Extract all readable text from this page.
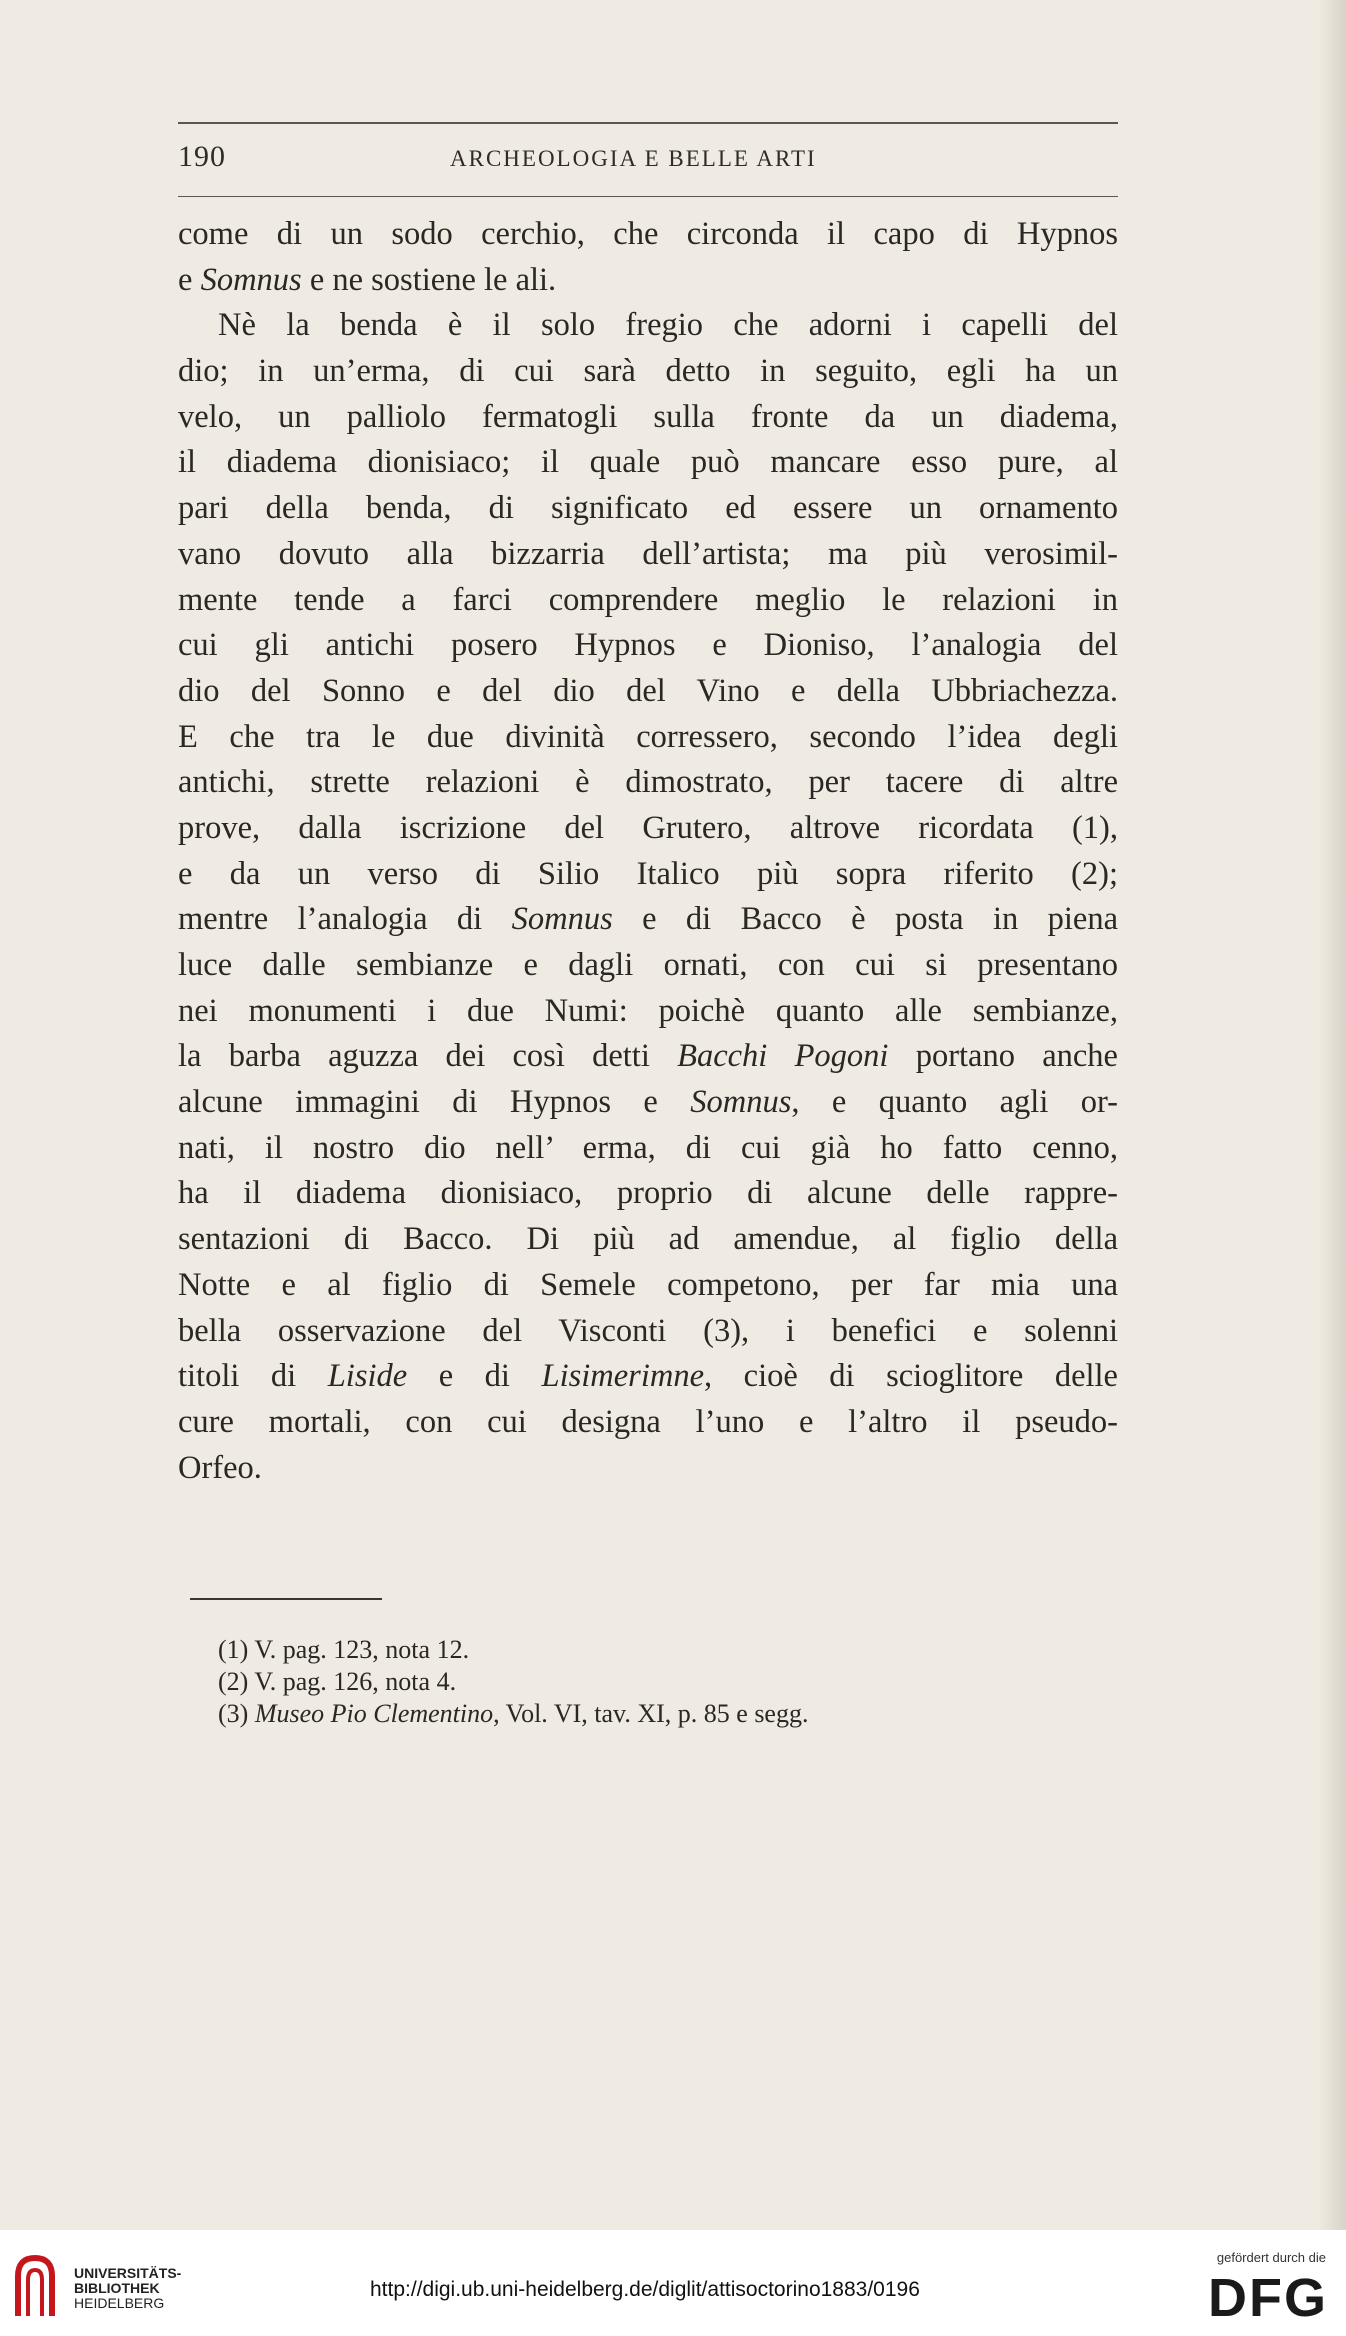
190	ARCHEOLOGIA E BELLE ARTI
come di un sodo cerchio, che circonda il capo di Hypnos
e Somnus e ne sostiene le ali.
Nè la benda è il solo fregio che adorni i capelli del
dio; in un’erma, di cui sarà detto in seguito, egli ha un
velo, un palliolo fermatogli sulla fronte da un diadema,
il diadema dionisiaco; il quale può mancare esso pure, al
pari della benda, di significato ed essere un ornamento
vano dovuto alla bizzarria dell’artista; ma più verosimil-
mente tende a farci comprendere meglio le relazioni in
cui gli antichi posero Hypnos e Dioniso, l’analogia del
dio del Sonno e del dio del Vino e della Ubbriachezza.
E che tra le due divinità corressero, secondo l’idea degli
antichi, strette relazioni è dimostrato, per tacere di altre
prove, dalla iscrizione del Grutero, altrove ricordata (1),
e da un verso di Silio Italico più sopra riferito (2);
mentre l’analogia di Somnus e di Bacco è posta in piena
luce dalle sembianze e dagli ornati, con cui si presentano
nei monumenti i due Numi: poichè quanto alle sembianze,
la barba aguzza dei così detti Bacchi Pogoni portano anche
alcune immagini di Hypnos e Somnus, e quanto agli or-
nati, il nostro dio nell’ erma, di cui già ho fatto cenno,
ha il diadema dionisiaco, proprio di alcune delle rappre-
sentazioni di Bacco. Di più ad amendue, al figlio della
Notte e al figlio di Semele competono, per far mia una
bella osservazione del Visconti (3), i benefici e solenni
titoli di Liside e di Lisimerimne, cioè di scioglitore delle
cure mortali, con cui designa l’uno e l’altro il pseudo-
Orfeo.
(1) V. pag. 123, nota 12.
(2) V. pag. 126, nota 4.
(3) Museo Pio Clementino, Vol. VI, tav. XI, p. 85 e segg.
UNIVERSITÄTS-
BIBLIOTHEK
HEIDELBERG
http://digi.ub.uni-heidelberg.de/diglit/attisoctorino1883/0196
gefördert durch die
DFG
